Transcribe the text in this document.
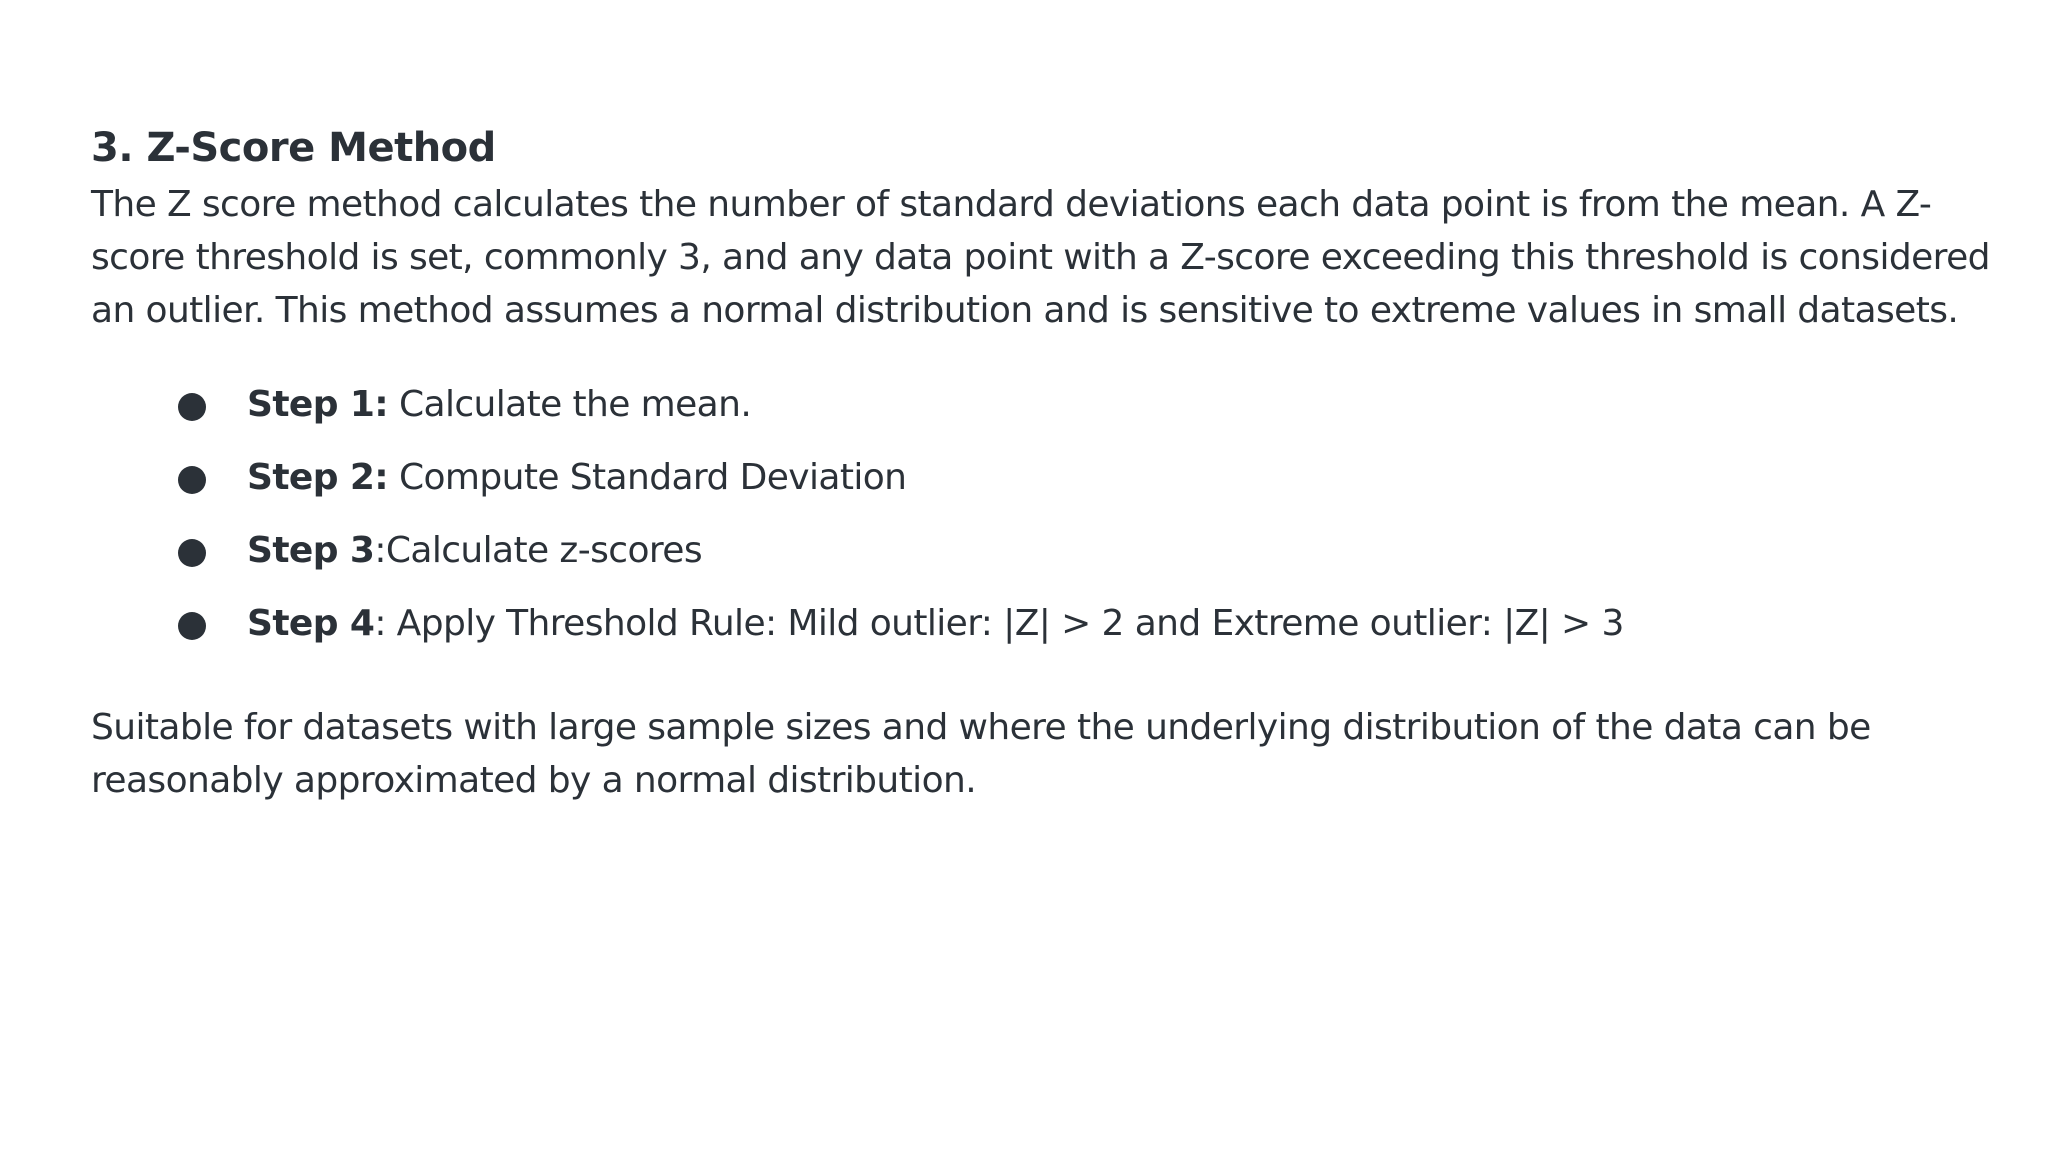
3. Z-Score Method

The Z score method calculates the number of standard deviations each data point is from the mean. A Z-score threshold is set, commonly 3, and any data point with a Z-score exceeding this threshold is considered an outlier. This method assumes a normal distribution and is sensitive to extreme values in small datasets.

Step 1: Calculate the mean.
Step 2: Compute Standard Deviation
Step 3:Calculate z-scores
Step 4: Apply Threshold Rule: Mild outlier: |Z| > 2 and Extreme outlier: |Z| > 3

Suitable for datasets with large sample sizes and where the underlying distribution of the data can be reasonably approximated by a normal distribution.
